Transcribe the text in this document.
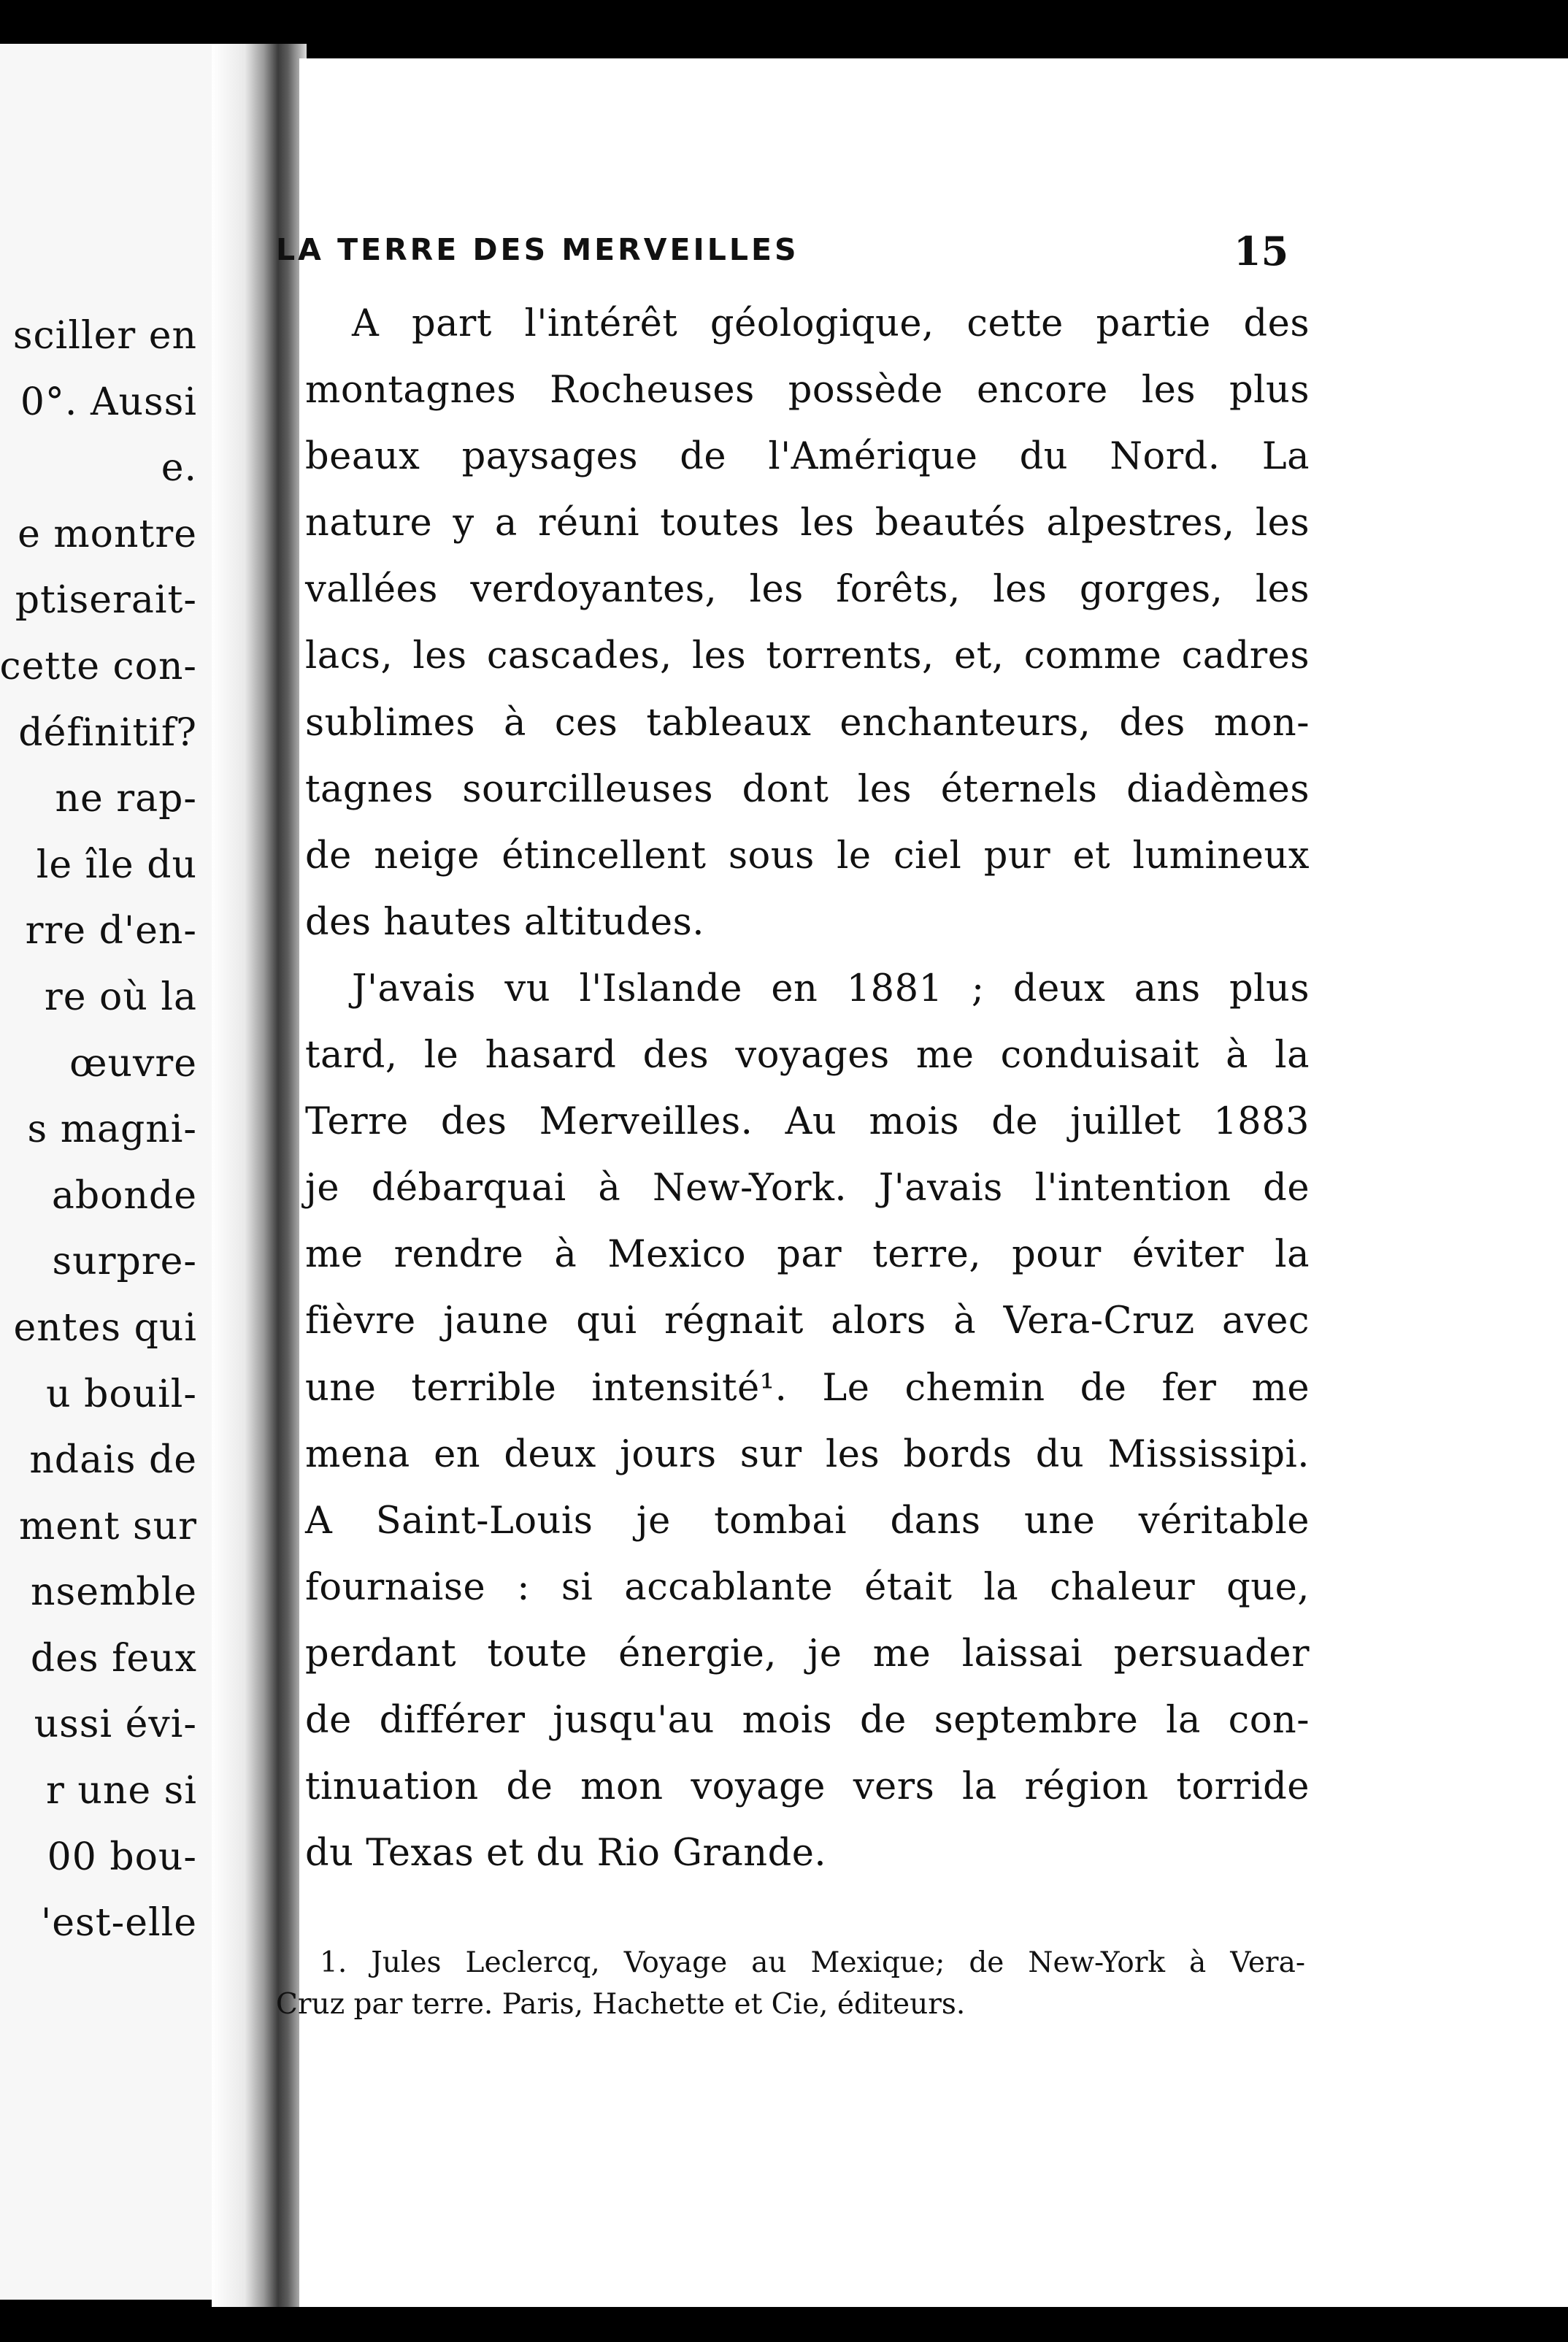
sciller en
0°. Aussi
e.
e montre
ptiserait-
cette con-
définitif?
ne rap-
le île du
rre d'en-
re où la
œuvre
s magni-
abonde
surpre-
entes qui
u bouil-
ndais de
ment sur
nsemble
des feux
ussi évi-
r une si
00 bou-
'est-elle
LA TERRE DES MERVEILLES	15
A part l'intérêt géologique, cette partie des
montagnes Rocheuses possède encore les plus
beaux paysages de l'Amérique du Nord. La
nature y a réuni toutes les beautés alpestres, les
vallées verdoyantes, les forêts, les gorges, les
lacs, les cascades, les torrents, et, comme cadres
sublimes à ces tableaux enchanteurs, des mon-
tagnes sourcilleuses dont les éternels diadèmes
de neige étincellent sous le ciel pur et lumineux
des hautes altitudes.
J'avais vu l'Islande en 1881 ; deux ans plus
tard, le hasard des voyages me conduisait à la
Terre des Merveilles. Au mois de juillet 1883
je débarquai à New-York. J'avais l'intention de
me rendre à Mexico par terre, pour éviter la
fièvre jaune qui régnait alors à Vera-Cruz avec
une terrible intensité¹. Le chemin de fer me
mena en deux jours sur les bords du Mississipi.
A Saint-Louis je tombai dans une véritable
fournaise : si accablante était la chaleur que,
perdant toute énergie, je me laissai persuader
de différer jusqu'au mois de septembre la con-
tinuation de mon voyage vers la région torride
du Texas et du Rio Grande.
1. Jules Leclercq, Voyage au Mexique; de New-York à Vera-
Cruz par terre. Paris, Hachette et Cie, éditeurs.
